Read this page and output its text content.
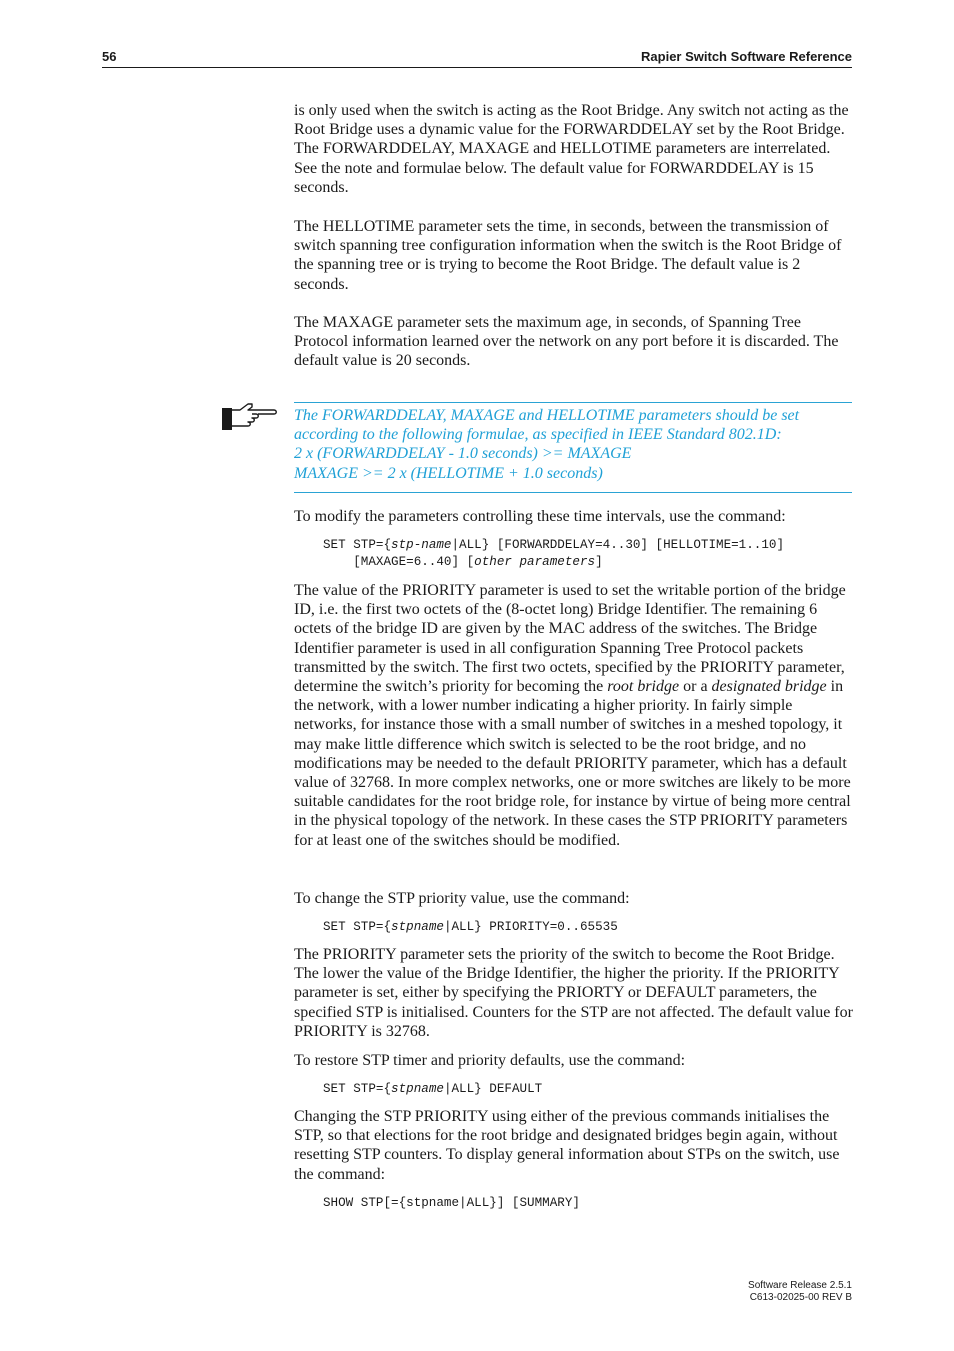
56	Rapier Switch Software Reference

is only used when the switch is acting as the Root Bridge. Any switch not acting as the Root Bridge uses a dynamic value for the FORWARDDELAY set by the Root Bridge. The FORWARDDELAY, MAXAGE and HELLOTIME parameters are interrelated. See the note and formulae below. The default value for FORWARDDELAY is 15 seconds.

The HELLOTIME parameter sets the time, in seconds, between the transmission of switch spanning tree configuration information when the switch is the Root Bridge of the spanning tree or is trying to become the Root Bridge. The default value is 2 seconds.

The MAXAGE parameter sets the maximum age, in seconds, of Spanning Tree Protocol information learned over the network on any port before it is discarded. The default value is 20 seconds.

The FORWARDDELAY, MAXAGE and HELLOTIME parameters should be set
according to the following formulae, as specified in IEEE Standard 802.1D:
2 x (FORWARDDELAY - 1.0 seconds) >= MAXAGE
MAXAGE >= 2 x (HELLOTIME + 1.0 seconds)

To modify the parameters controlling these time intervals, use the command:

SET STP={stp-name|ALL} [FORWARDDELAY=4..30] [HELLOTIME=1..10]
[MAXAGE=6..40] [other parameters]

The value of the PRIORITY parameter is used to set the writable portion of the bridge ID, i.e. the first two octets of the (8-octet long) Bridge Identifier. The remaining 6 octets of the bridge ID are given by the MAC address of the switches. The Bridge Identifier parameter is used in all configuration Spanning Tree Protocol packets transmitted by the switch. The first two octets, specified by the PRIORITY parameter, determine the switch’s priority for becoming the root bridge or a designated bridge in the network, with a lower number indicating a higher priority. In fairly simple networks, for instance those with a small number of switches in a meshed topology, it may make little difference which switch is selected to be the root bridge, and no modifications may be needed to the default PRIORITY parameter, which has a default value of 32768. In more complex networks, one or more switches are likely to be more suitable candidates for the root bridge role, for instance by virtue of being more central in the physical topology of the network. In these cases the STP PRIORITY parameters for at least one of the switches should be modified.

To change the STP priority value, use the command:

SET STP={stpname|ALL} PRIORITY=0..65535

The PRIORITY parameter sets the priority of the switch to become the Root Bridge. The lower the value of the Bridge Identifier, the higher the priority. If the PRIORITY parameter is set, either by specifying the PRIORTY or DEFAULT parameters, the specified STP is initialised. Counters for the STP are not affected. The default value for PRIORITY is 32768.

To restore STP timer and priority defaults, use the command:

SET STP={stpname|ALL} DEFAULT

Changing the STP PRIORITY using either of the previous commands initialises the STP, so that elections for the root bridge and designated bridges begin again, without resetting STP counters. To display general information about STPs on the switch, use the command:

SHOW STP[={stpname|ALL}] [SUMMARY]
Software Release 2.5.1
C613-02025-00 REV B
